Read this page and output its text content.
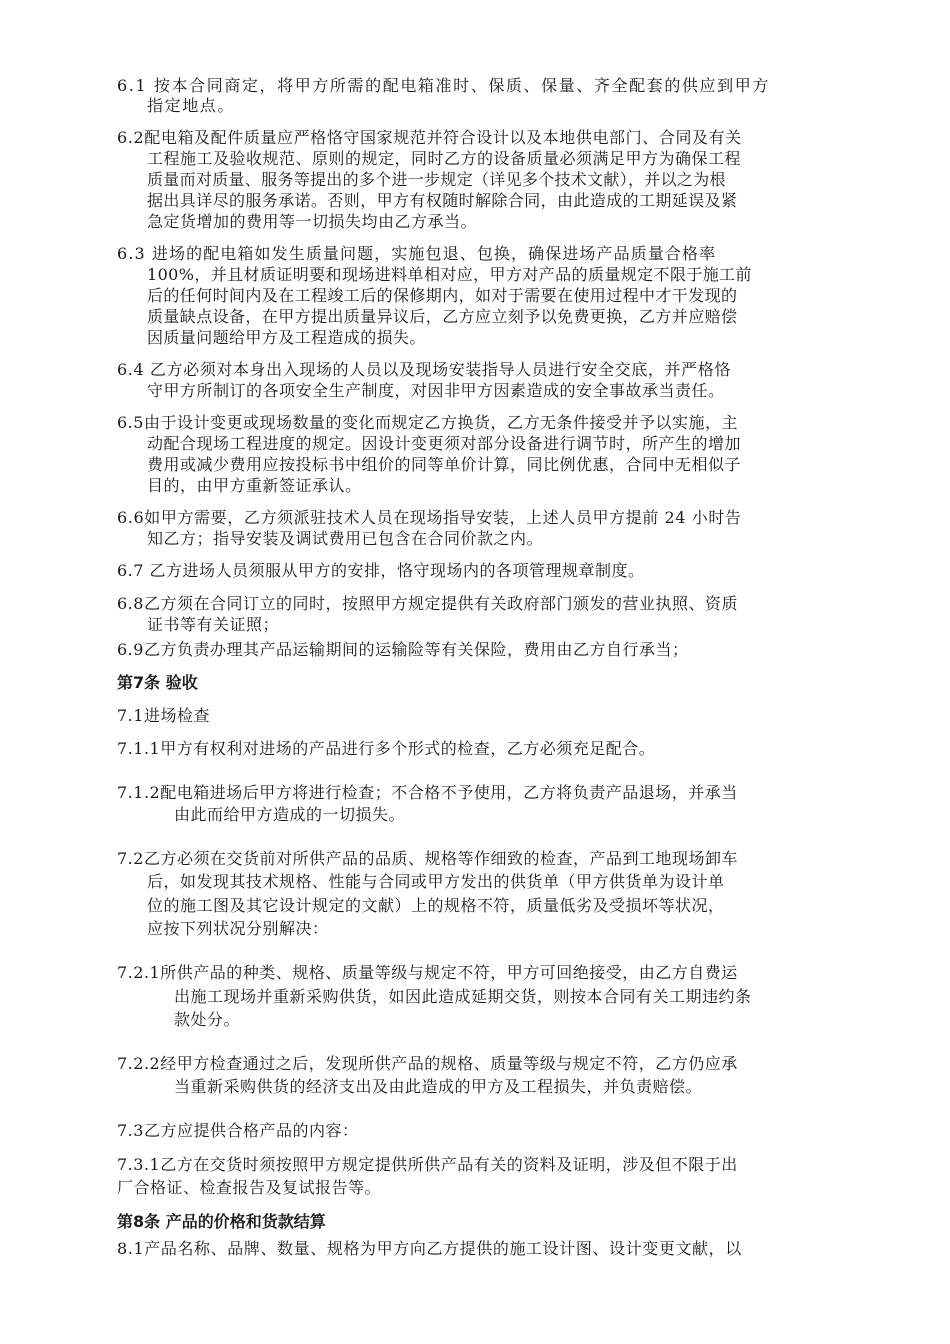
6.1 按本合同商定，将甲方所需的配电箱准时、保质、保量、齐全配套的供应到甲方
指定地点。
6.2配电箱及配件质量应严格恪守国家规范并符合设计以及本地供电部门、合同及有关
工程施工及验收规范、原则的规定，同时乙方的设备质量必须满足甲方为确保工程
质量而对质量、服务等提出的多个进一步规定（详见多个技术文献），并以之为根
据出具详尽的服务承诺。否则，甲方有权随时解除合同，由此造成的工期延误及紧
急定货增加的费用等一切损失均由乙方承当。
6.3 进场的配电箱如发生质量问题，实施包退、包换，确保进场产品质量合格率
100%，并且材质证明要和现场进料单相对应，甲方对产品的质量规定不限于施工前
后的任何时间内及在工程竣工后的保修期内，如对于需要在使用过程中才干发现的
质量缺点设备，在甲方提出质量异议后，乙方应立刻予以免费更换，乙方并应赔偿
因质量问题给甲方及工程造成的损失。
6.4 乙方必须对本身出入现场的人员以及现场安装指导人员进行安全交底，并严格恪
守甲方所制订的各项安全生产制度，对因非甲方因素造成的安全事故承当责任。
6.5由于设计变更或现场数量的变化而规定乙方换货，乙方无条件接受并予以实施，主
动配合现场工程进度的规定。因设计变更须对部分设备进行调节时，所产生的增加
费用或减少费用应按投标书中组价的同等单价计算，同比例优惠，合同中无相似子
目的，由甲方重新签证承认。
6.6如甲方需要，乙方须派驻技术人员在现场指导安装，上述人员甲方提前 24 小时告
知乙方；指导安装及调试费用已包含在合同价款之内。
6.7 乙方进场人员须服从甲方的安排，恪守现场内的各项管理规章制度。
6.8乙方须在合同订立的同时，按照甲方规定提供有关政府部门颁发的营业执照、资质
证书等有关证照；
6.9乙方负责办理其产品运输期间的运输险等有关保险，费用由乙方自行承当；
第7条 验收
7.1进场检查
7.1.1甲方有权利对进场的产品进行多个形式的检查，乙方必须充足配合。
7.1.2配电箱进场后甲方将进行检查；不合格不予使用，乙方将负责产品退场，并承当
由此而给甲方造成的一切损失。
7.2乙方必须在交货前对所供产品的品质、规格等作细致的检查，产品到工地现场卸车
后，如发现其技术规格、性能与合同或甲方发出的供货单（甲方供货单为设计单
位的施工图及其它设计规定的文献）上的规格不符，质量低劣及受损坏等状况，
应按下列状况分别解决：
7.2.1所供产品的种类、规格、质量等级与规定不符，甲方可回绝接受，由乙方自费运
出施工现场并重新采购供货，如因此造成延期交货，则按本合同有关工期违约条
款处分。
7.2.2经甲方检查通过之后，发现所供产品的规格、质量等级与规定不符，乙方仍应承
当重新采购供货的经济支出及由此造成的甲方及工程损失，并负责赔偿。
7.3乙方应提供合格产品的内容：
7.3.1乙方在交货时须按照甲方规定提供所供产品有关的资料及证明，涉及但不限于出
厂合格证、检查报告及复试报告等。
第8条 产品的价格和货款结算
8.1产品名称、品牌、数量、规格为甲方向乙方提供的施工设计图、设计变更文献，以
